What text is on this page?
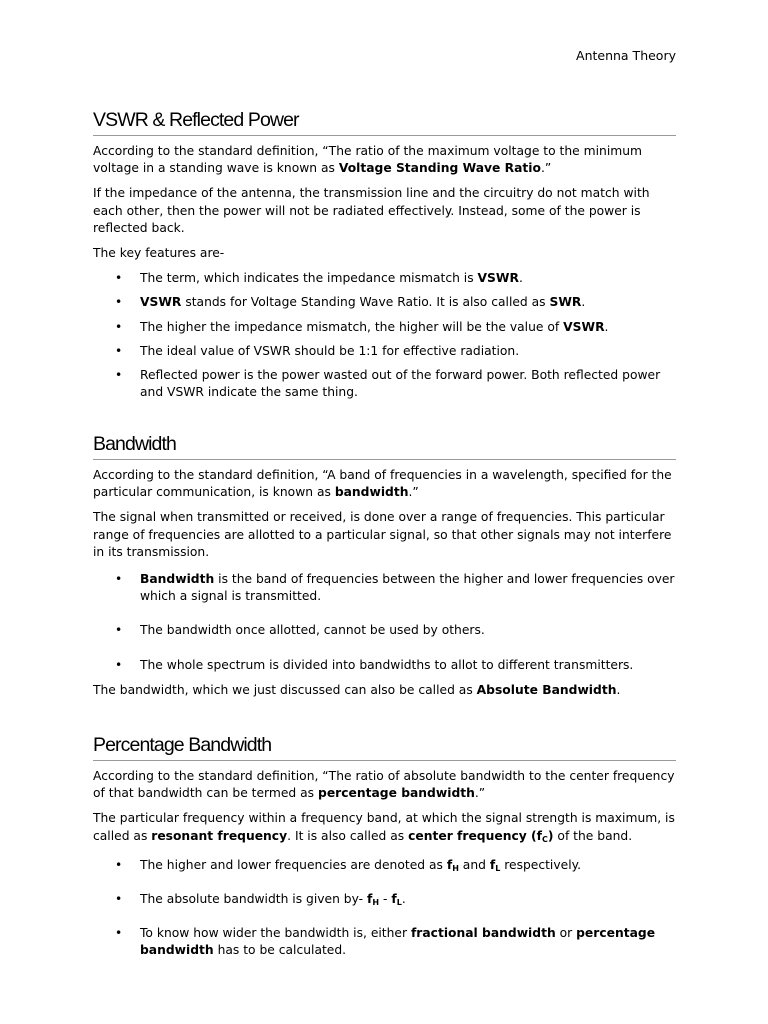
Antenna Theory
VSWR & Reflected Power

According to the standard definition, “The ratio of the maximum voltage to the minimum voltage in a standing wave is known as Voltage Standing Wave Ratio.”

If the impedance of the antenna, the transmission line and the circuitry do not match with each other, then the power will not be radiated effectively. Instead, some of the power is reflected back.

The key features are-

• The term, which indicates the impedance mismatch is VSWR.
• VSWR stands for Voltage Standing Wave Ratio. It is also called as SWR.
• The higher the impedance mismatch, the higher will be the value of VSWR.
• The ideal value of VSWR should be 1:1 for effective radiation.
• Reflected power is the power wasted out of the forward power. Both reflected power and VSWR indicate the same thing.
Bandwidth

According to the standard definition, “A band of frequencies in a wavelength, specified for the particular communication, is known as bandwidth.”

The signal when transmitted or received, is done over a range of frequencies. This particular range of frequencies are allotted to a particular signal, so that other signals may not interfere in its transmission.

• Bandwidth is the band of frequencies between the higher and lower frequencies over which a signal is transmitted.
• The bandwidth once allotted, cannot be used by others.
• The whole spectrum is divided into bandwidths to allot to different transmitters.

The bandwidth, which we just discussed can also be called as Absolute Bandwidth.

Percentage Bandwidth

According to the standard definition, “The ratio of absolute bandwidth to the center frequency of that bandwidth can be termed as percentage bandwidth.”

The particular frequency within a frequency band, at which the signal strength is maximum, is called as resonant frequency. It is also called as center frequency $(f_C)$ of the band.

• The higher and lower frequencies are denoted as $f_H$ and $f_L$ respectively.
• The absolute bandwidth is given by- $f_H - f_L$.
• To know how wider the bandwidth is, either fractional bandwidth or percentage bandwidth has to be calculated.
